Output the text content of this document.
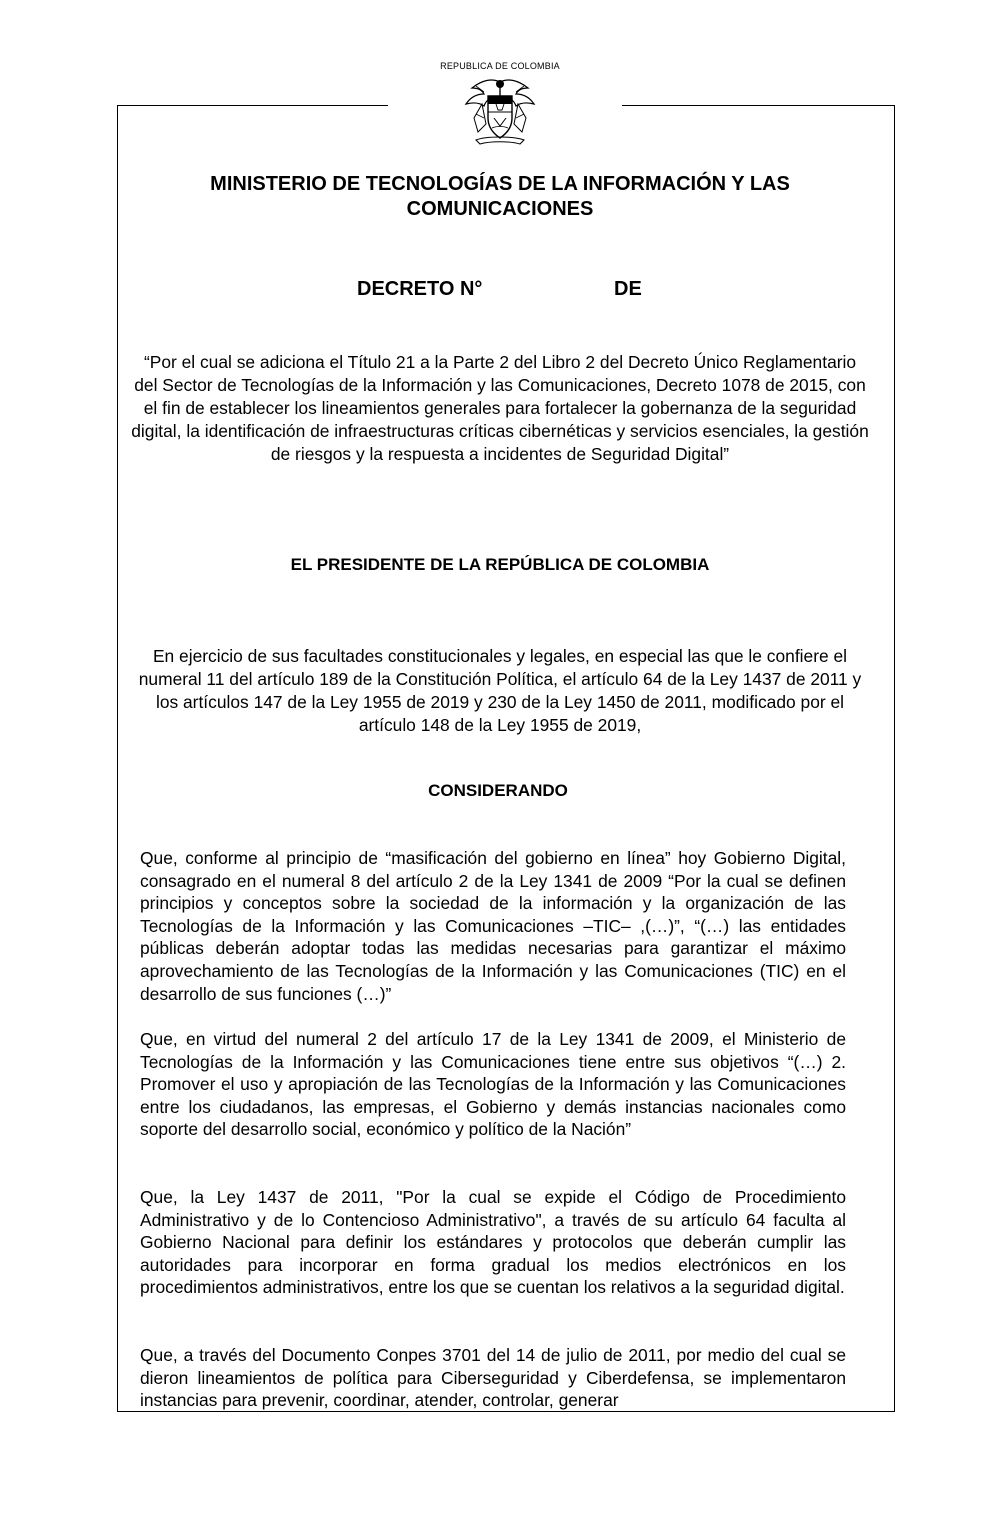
REPUBLICA DE COLOMBIA
MINISTERIO DE TECNOLOGÍAS DE LA INFORMACIÓN Y LAS COMUNICACIONES
DECRETO N°	DE
“Por el cual se adiciona el Título 21 a la Parte 2 del Libro 2 del Decreto Único Reglamentario del Sector de Tecnologías de la Información y las Comunicaciones, Decreto 1078 de 2015, con el fin de establecer los lineamientos generales para fortalecer la gobernanza de la seguridad digital, la identificación de infraestructuras críticas cibernéticas y servicios esenciales, la gestión de riesgos y la respuesta a incidentes de Seguridad Digital”
EL PRESIDENTE DE LA REPÚBLICA DE COLOMBIA
En ejercicio de sus facultades constitucionales y legales, en especial las que le confiere el numeral 11 del artículo 189 de la Constitución Política, el artículo 64 de la Ley 1437 de 2011 y los artículos 147 de la Ley 1955 de 2019 y 230 de la Ley 1450 de 2011, modificado por el artículo 148 de la Ley 1955 de 2019,
CONSIDERANDO

Que, conforme al principio de “masificación del gobierno en línea” hoy Gobierno Digital, consagrado en el numeral 8 del artículo 2 de la Ley 1341 de 2009 “Por la cual se definen principios y conceptos sobre la sociedad de la información y la organización de las Tecnologías de la Información y las Comunicaciones –TIC– ,(…)”, “(…) las entidades públicas deberán adoptar todas las medidas necesarias para garantizar el máximo aprovechamiento de las Tecnologías de la Información y las Comunicaciones (TIC) en el desarrollo de sus funciones (…)”

Que, en virtud del numeral 2 del artículo 17 de la Ley 1341 de 2009, el Ministerio de Tecnologías de la Información y las Comunicaciones tiene entre sus objetivos “(…) 2. Promover el uso y apropiación de las Tecnologías de la Información y las Comunicaciones entre los ciudadanos, las empresas, el Gobierno y demás instancias nacionales como soporte del desarrollo social, económico y político de la Nación”

Que, la Ley 1437 de 2011, "Por la cual se expide el Código de Procedimiento Administrativo y de lo Contencioso Administrativo", a través de su artículo 64 faculta al Gobierno Nacional para definir los estándares y protocolos que deberán cumplir las autoridades para incorporar en forma gradual los medios electrónicos en los procedimientos administrativos, entre los que se cuentan los relativos a la seguridad digital.

Que, a través del Documento Conpes 3701 del 14 de julio de 2011, por medio del cual se dieron lineamientos de política para Ciberseguridad y Ciberdefensa, se implementaron instancias para prevenir, coordinar, atender, controlar, generar
